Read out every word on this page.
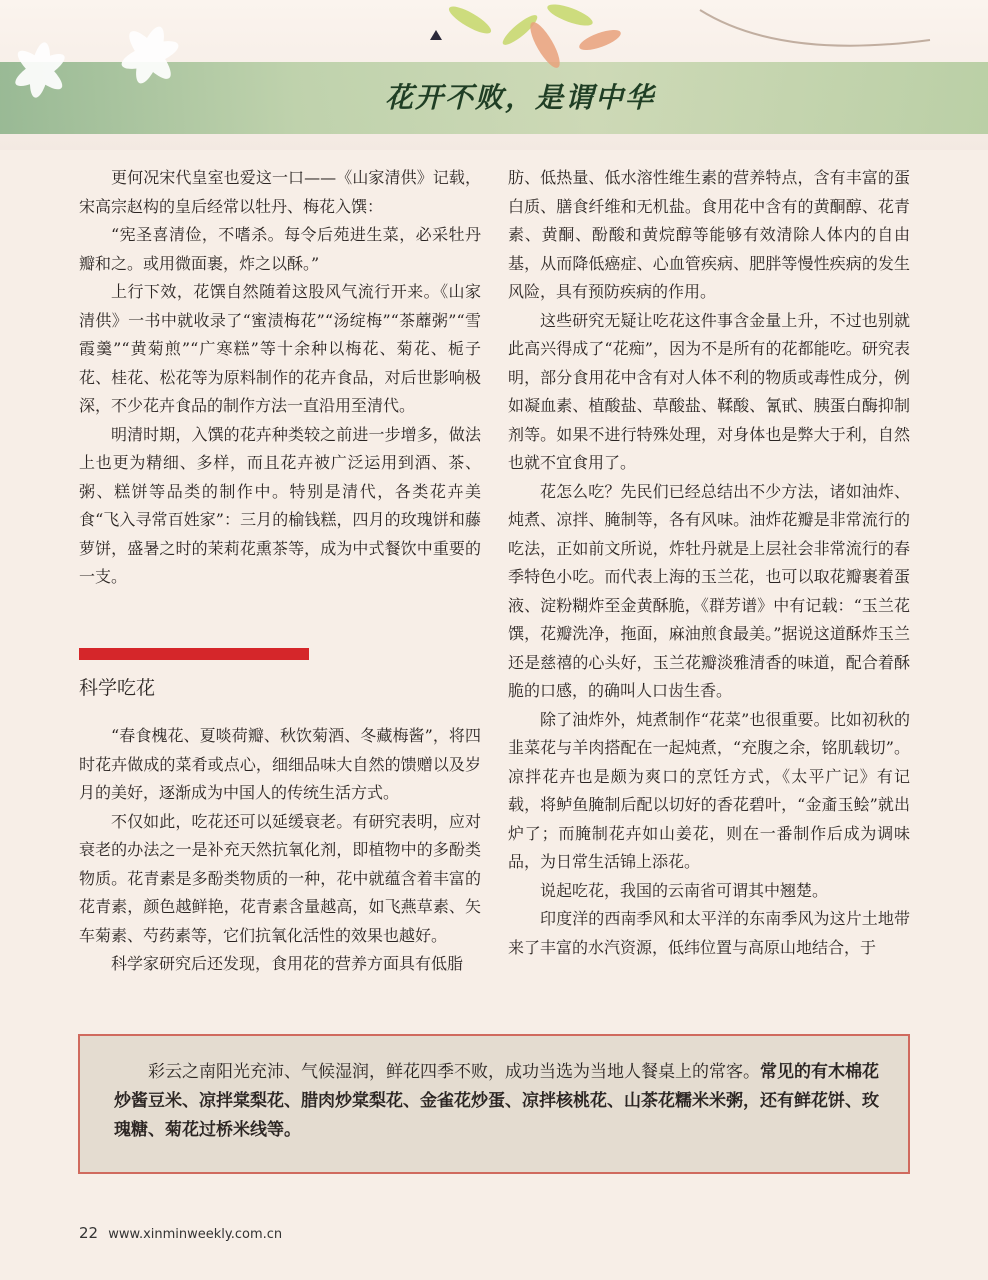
花开不败，是谓中华

更何况宋代皇室也爱这一口——《山家清供》记载，宋高宗赵构的皇后经常以牡丹、梅花入馔：

“宪圣喜清俭，不嗜杀。每令后苑进生菜，必采牡丹瓣和之。或用微面裹，炸之以酥。”

上行下效，花馔自然随着这股风气流行开来。《山家清供》一书中就收录了“蜜渍梅花”“汤绽梅”“茶蘼粥”“雪霞羹”“黄菊煎”“广寒糕”等十余种以梅花、菊花、栀子花、桂花、松花等为原料制作的花卉食品，对后世影响极深，不少花卉食品的制作方法一直沿用至清代。

明清时期，入馔的花卉种类较之前进一步增多，做法上也更为精细、多样，而且花卉被广泛运用到酒、茶、粥、糕饼等品类的制作中。特别是清代，各类花卉美食“飞入寻常百姓家”：三月的榆钱糕，四月的玫瑰饼和藤萝饼，盛暑之时的茉莉花熏茶等，成为中式餐饮中重要的一支。

科学吃花

“春食槐花、夏啖荷瓣、秋饮菊酒、冬藏梅酱”，将四时花卉做成的菜肴或点心，细细品味大自然的馈赠以及岁月的美好，逐渐成为中国人的传统生活方式。

不仅如此，吃花还可以延缓衰老。有研究表明，应对衰老的办法之一是补充天然抗氧化剂，即植物中的多酚类物质。花青素是多酚类物质的一种，花中就蕴含着丰富的花青素，颜色越鲜艳，花青素含量越高，如飞燕草素、矢车菊素、芍药素等，它们抗氧化活性的效果也越好。

科学家研究后还发现，食用花的营养方面具有低脂

肪、低热量、低水溶性维生素的营养特点，含有丰富的蛋白质、膳食纤维和无机盐。食用花中含有的黄酮醇、花青素、黄酮、酚酸和黄烷醇等能够有效清除人体内的自由基，从而降低癌症、心血管疾病、肥胖等慢性疾病的发生风险，具有预防疾病的作用。

这些研究无疑让吃花这件事含金量上升，不过也别就此高兴得成了“花痴”，因为不是所有的花都能吃。研究表明，部分食用花中含有对人体不利的物质或毒性成分，例如凝血素、植酸盐、草酸盐、鞣酸、氰甙、胰蛋白酶抑制剂等。如果不进行特殊处理，对身体也是弊大于利，自然也就不宜食用了。

花怎么吃？先民们已经总结出不少方法，诸如油炸、炖煮、凉拌、腌制等，各有风味。油炸花瓣是非常流行的吃法，正如前文所说，炸牡丹就是上层社会非常流行的春季特色小吃。而代表上海的玉兰花，也可以取花瓣裹着蛋液、淀粉糊炸至金黄酥脆，《群芳谱》中有记载：“玉兰花馔，花瓣洗净，拖面，麻油煎食最美。”据说这道酥炸玉兰还是慈禧的心头好，玉兰花瓣淡雅清香的味道，配合着酥脆的口感，的确叫人口齿生香。

除了油炸外，炖煮制作“花菜”也很重要。比如初秋的韭菜花与羊肉搭配在一起炖煮，“充腹之余，铭肌载切”。凉拌花卉也是颇为爽口的烹饪方式，《太平广记》有记载，将鲈鱼腌制后配以切好的香花碧叶，“金齑玉鲙”就出炉了；而腌制花卉如山姜花，则在一番制作后成为调味品，为日常生活锦上添花。

说起吃花，我国的云南省可谓其中翘楚。

印度洋的西南季风和太平洋的东南季风为这片土地带来了丰富的水汽资源，低纬位置与高原山地结合，于

彩云之南阳光充沛、气候湿润，鲜花四季不败，成功当选为当地人餐桌上的常客。常见的有木棉花炒酱豆米、凉拌棠梨花、腊肉炒棠梨花、金雀花炒蛋、凉拌核桃花、山茶花糯米米粥，还有鲜花饼、玫瑰糖、菊花过桥米线等。
22 www.xinminweekly.com.cn
